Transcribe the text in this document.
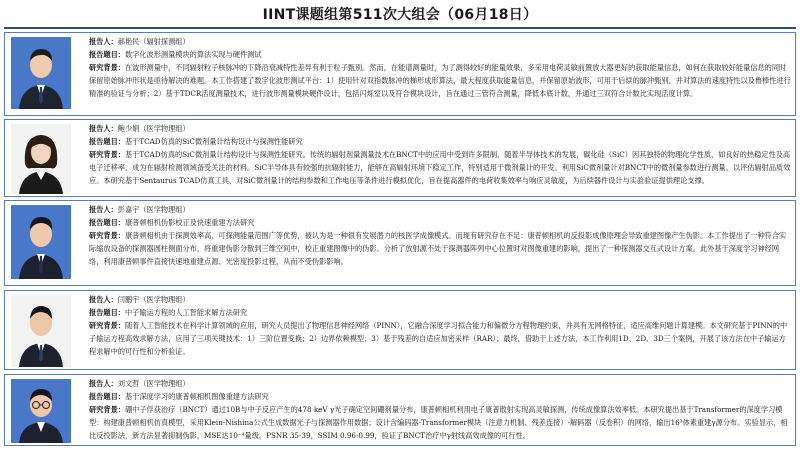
IINT课题组第511次大组会（06月18日）
报告人：郝艳民（辐射探测组）
报告题目：数字化波形测量模块的算法实现与硬件测试
研究背景：在波形测量中，不同辐射粒子核脉冲的下降沿衰减特性差异有利于粒子甄别。然而，在能谱测量时，为了测得较好的能量效果，多采用电荷灵敏前置放大器更好的获取能量信息，如何在获取较好能量信息的同时保留原始脉冲形状是亟待解决的难题。本工作搭建了数字化波形测试平台：1）使用针对双指数脉冲的梯形成形算法，最大程度获取能量信息，并保留原始波形，可用于后续的脉冲甄别，并对算法的速度特性以及鲁棒性进行精准的验证与分析；2）基于TDCR活度测量技术，进行波形测量模块硬件设计，包括闪烁室以及符合模块设计，旨在通过三管符合测量，降低本底计数，并通过三双符合计数比实现活度计算。
报告人：鲍少娟（医学物理组）
报告题目：基于TCAD仿真的SiC微剂量计结构设计与探测性能研究
研究背景：基于TCAD仿真的SiC微剂量计结构设计与探测性能研究。传统的辐射剂量测量技术在BNCT中的应用中受到许多限制，随着半导体技术的发展，碳化硅（SiC）因其独特的物理化学性质，如良好的热稳定性及高电子迁移率，成为在辐射检测领域备受关注的材料。SiC半导体具有较强的抗辐射能力，能够在高辐射环境下稳定工作，特别适用于微剂量计的开发。利用SiC微剂量计对BNCT中的微剂量参数进行测量，以评估辐射品质效应。本研究基于Sentaurus TCAD仿真工具，对SiC微剂量计的结构参数和工作电压等条件进行模拟优化，旨在提高器件的电荷收集效率与响应灵敏度，为后续器件设计与实验验证提供理论支撑。
报告人：彭嘉宇（医学物理组）
报告题目：康普顿相机伪影校正及快速重建方法研究
研究背景：康普顿相机由于探测效率高、可探测能量范围广等优势，被认为是一种很有发展潜力的核医学成像模式。而现有研究存在不足：康普顿相机的反投影成像原理会导致重建图像产生伪影。本工作提出了一种符合实际缩放设备的探测器圆柱侧面分布，将重建伪影分散到三维空间中，校正重建图像中的伪影。分析了放射源不处于探测器阵列中心位置时对图像重建的影响，提出了一种探测器交互式设计方案。此外基于深度学习神经网络，利用康普顿事件直接快速地重建点源、光密度投影过程，从而不受伪影影响。
报告人：闫鹏宇（医学物理组）
报告题目：中子输运方程的人工智能求解方法研究
研究背景：随着人工智能技术在科学计算领域的应用，研究人员提出了物理信息神经网络（PINN），它融合深度学习拟合能力和偏微分方程物理约束，并具有无网格特征，适应高维问题计算建模。本文研究基于PINN的中子输运方程高效求解方法，应用了三项关键技术：1）三阶位置变换；2）边界依赖模型；3）基于残差的自适应加密采样（RAR）；最终，借助于上述方法，本工作利用1D、2D、3D三个案例，开展了该方法在中子输运方程求解中的可行性和分析验证。
报告人：刘文哲（医学物理组）
报告题目：基于深度学习的康普顿相机图像重建方法研究
研究背景：硼中子俘获治疗（BNCT）通过10B与中子反应产生的478 keV γ光子确定空间硼剂量分布，康普顿相机利用电子康普散射实现高灵敏探测，传统成像算法效率低。本研究提出基于Transformer的深度学习模型：构建康普顿相机仿真模型，采用Klein-Nishina公式生成数据光子与探测器作用数据；设计含编码器-Transformer模块（注意力机制、残差连接）-解码器（反卷积）的网络，输出16³体素重建γ源分布。实验显示，相比反投影法，新方法显著抑制伪影，MSE达10⁻⁴量级，PSNR 35-39，SSIM 0.96-0.99，验证了BNCT治疗中γ射线高效成像的可行性。
